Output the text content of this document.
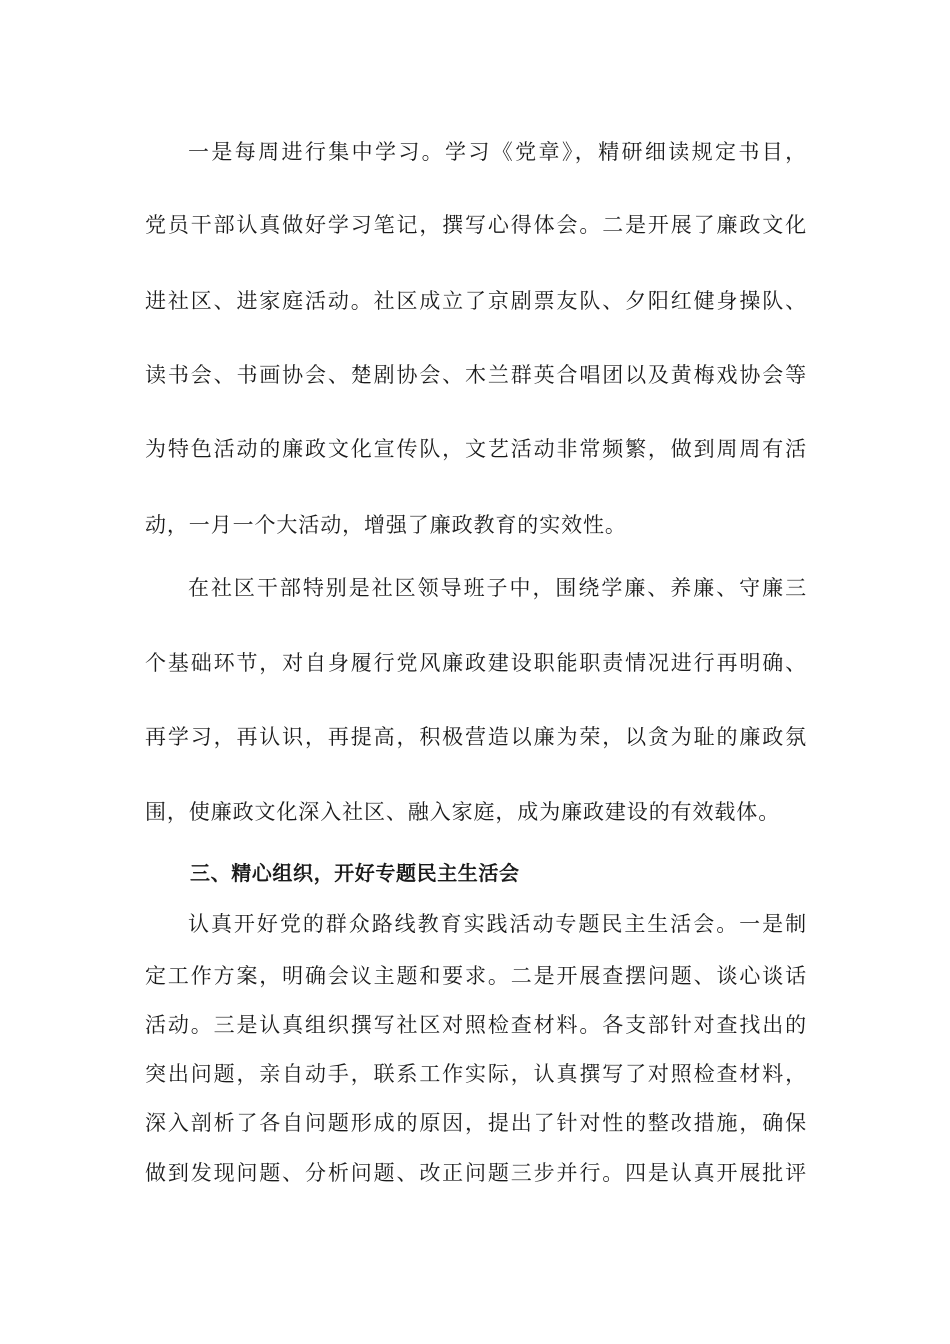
一是每周进行集中学习。学习《党章》，精研细读规定书目，
党员干部认真做好学习笔记，撰写心得体会。二是开展了廉政文化
进社区、进家庭活动。社区成立了京剧票友队、夕阳红健身操队、
读书会、书画协会、楚剧协会、木兰群英合唱团以及黄梅戏协会等
为特色活动的廉政文化宣传队，文艺活动非常频繁，做到周周有活
动，一月一个大活动，增强了廉政教育的实效性。
在社区干部特别是社区领导班子中，围绕学廉、养廉、守廉三
个基础环节，对自身履行党风廉政建设职能职责情况进行再明确、
再学习，再认识，再提高，积极营造以廉为荣，以贪为耻的廉政氛
围，使廉政文化深入社区、融入家庭，成为廉政建设的有效载体。
三、精心组织，开好专题民主生活会
认真开好党的群众路线教育实践活动专题民主生活会。一是制
定工作方案，明确会议主题和要求。二是开展查摆问题、谈心谈话
活动。三是认真组织撰写社区对照检查材料。各支部针对查找出的
突出问题，亲自动手，联系工作实际，认真撰写了对照检查材料，
深入剖析了各自问题形成的原因，提出了针对性的整改措施，确保
做到发现问题、分析问题、改正问题三步并行。四是认真开展批评
